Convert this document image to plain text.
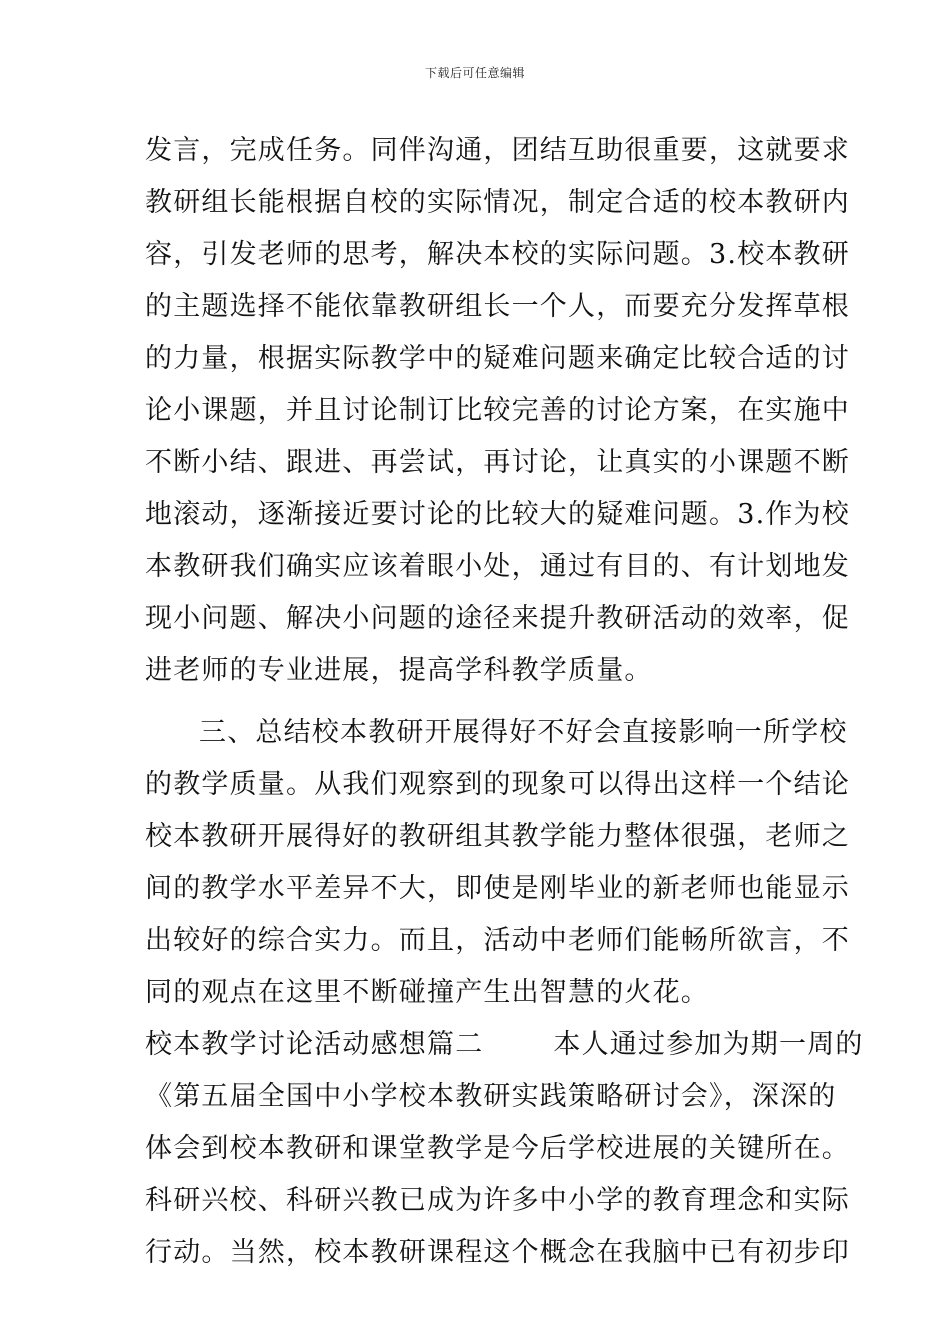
下载后可任意编辑
发言，完成任务。同伴沟通，团结互助很重要，这就要求
教研组长能根据自校的实际情况，制定合适的校本教研内
容，引发老师的思考，解决本校的实际问题。3.校本教研
的主题选择不能依靠教研组长一个人，而要充分发挥草根
的力量，根据实际教学中的疑难问题来确定比较合适的讨
论小课题，并且讨论制订比较完善的讨论方案，在实施中
不断小结、跟进、再尝试，再讨论，让真实的小课题不断
地滚动，逐渐接近要讨论的比较大的疑难问题。3.作为校
本教研我们确实应该着眼小处，通过有目的、有计划地发
现小问题、解决小问题的途径来提升教研活动的效率，促
进老师的专业进展，提高学科教学质量。
三、总结校本教研开展得好不好会直接影响一所学校
的教学质量。从我们观察到的现象可以得出这样一个结论
校本教研开展得好的教研组其教学能力整体很强，老师之
间的教学水平差异不大，即使是刚毕业的新老师也能显示
出较好的综合实力。而且，活动中老师们能畅所欲言，不
同的观点在这里不断碰撞产生出智慧的火花。
校本教学讨论活动感想篇二	本人通过参加为期一周的
《第五届全国中小学校本教研实践策略研讨会》，深深的
体会到校本教研和课堂教学是今后学校进展的关键所在。
科研兴校、科研兴教已成为许多中小学的教育理念和实际
行动。当然，校本教研课程这个概念在我脑中已有初步印
